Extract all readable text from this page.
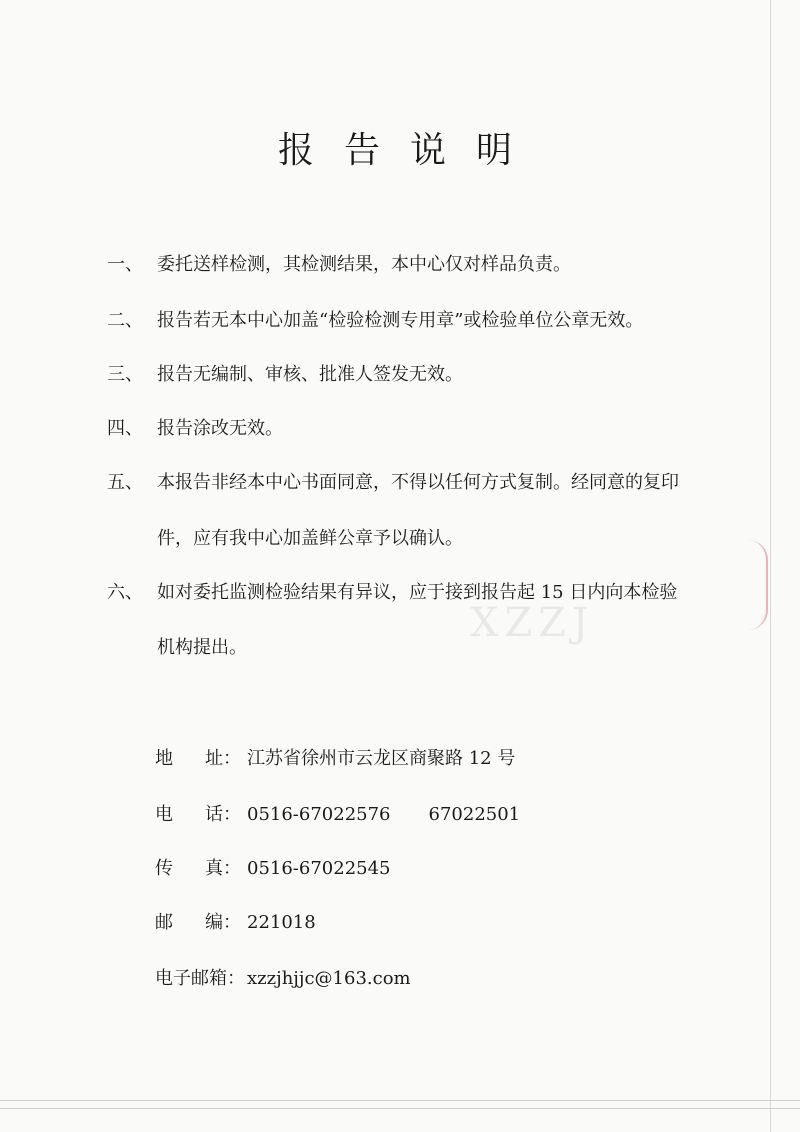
XZZJ
报告说明
一、 委托送样检测，其检测结果，本中心仅对样品负责。
二、 报告若无本中心加盖“检验检测专用章”或检验单位公章无效。
三、 报告无编制、审核、批准人签发无效。
四、 报告涂改无效。
五、 本报告非经本中心书面同意，不得以任何方式复制。经同意的复印
件，应有我中心加盖鲜公章予以确认。
六、 如对委托监测检验结果有异议，应于接到报告起 15 日内向本检验
机构提出。
地 址： 江苏省徐州市云龙区商聚路 12 号
电 话： 0516-67022576 67022501
传 真： 0516-67022545
邮 编： 221018
电子邮箱： xzzjhjjc@163.com
